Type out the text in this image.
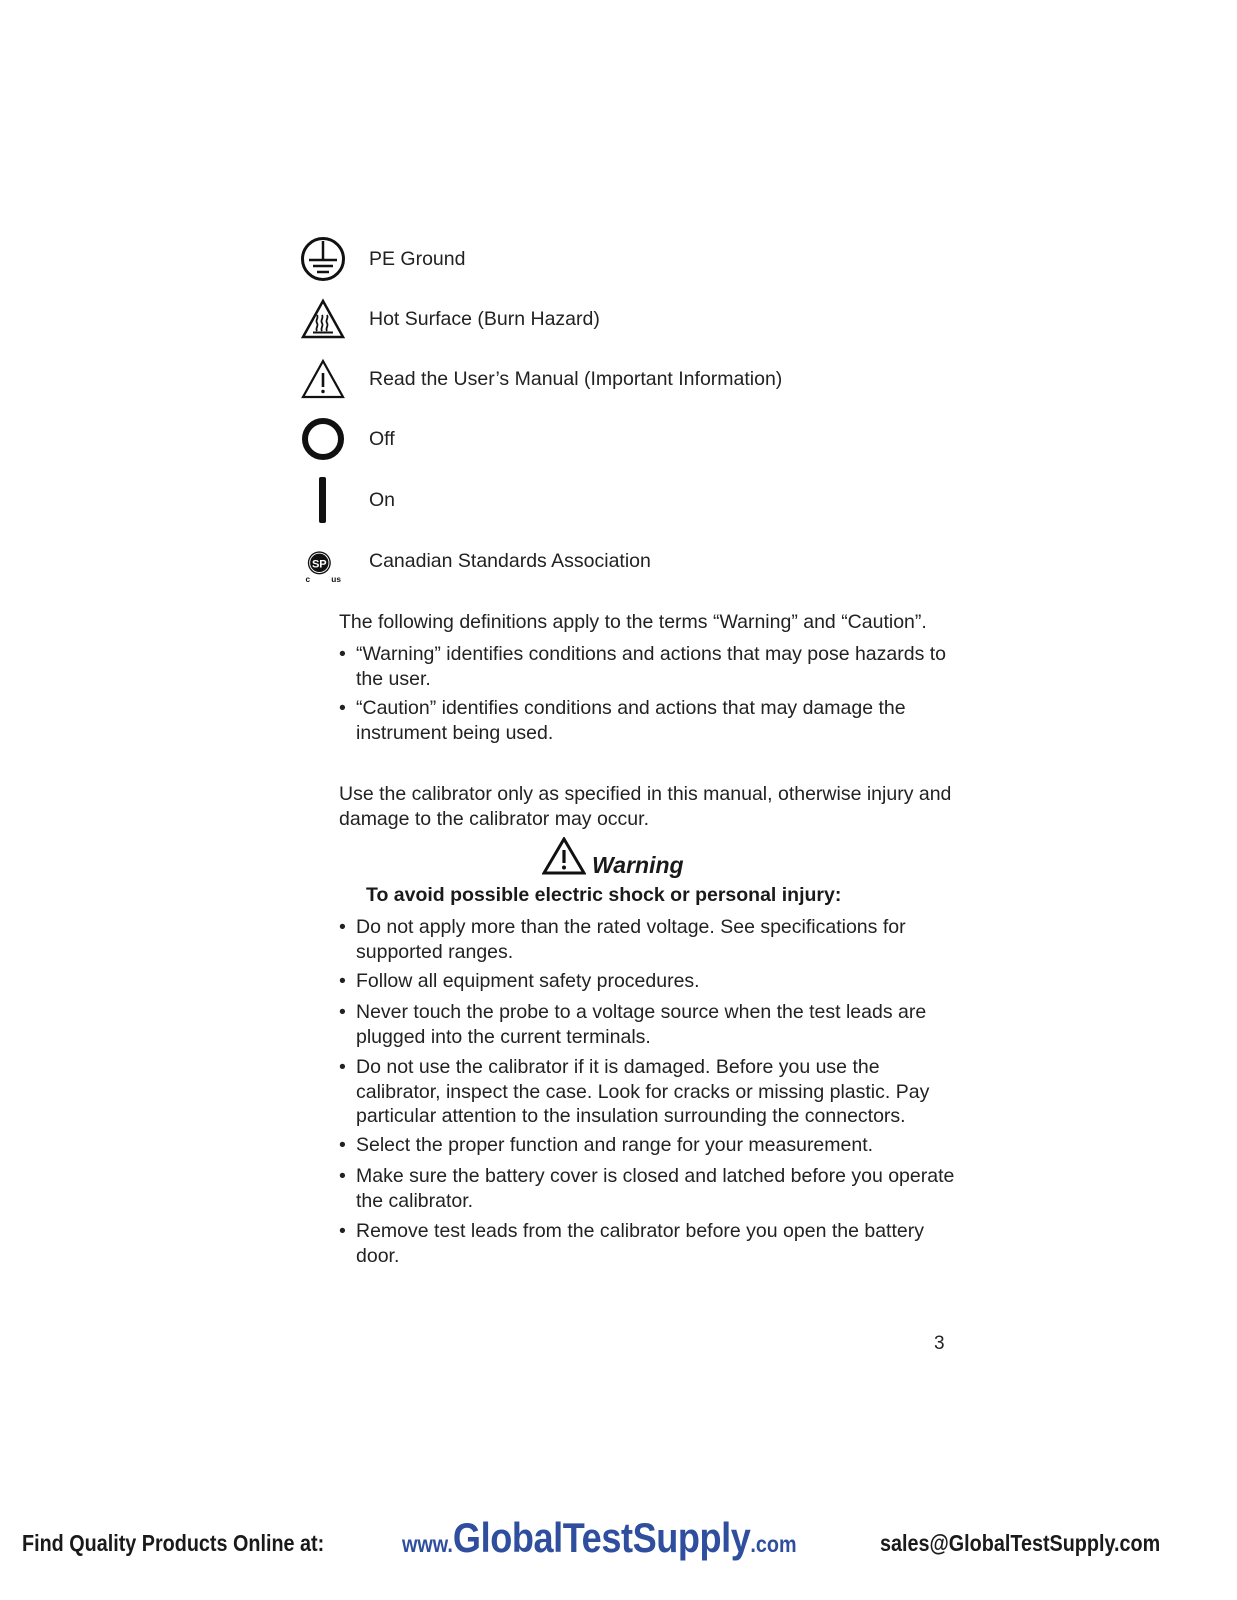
PE Ground
Hot Surface (Burn Hazard)
Read the User’s Manual (Important Information)
Off
On
SP
c us
Canadian Standards Association

The following definitions apply to the terms “Warning” and “Caution”.

• “Warning” identifies conditions and actions that may pose hazards to the user.
• “Caution” identifies conditions and actions that may damage the instrument being used.

Use the calibrator only as specified in this manual, otherwise injury and damage to the calibrator may occur.

Warning
To avoid possible electric shock or personal injury:
• Do not apply more than the rated voltage. See specifications for supported ranges.
• Follow all equipment safety procedures.
• Never touch the probe to a voltage source when the test leads are plugged into the current terminals.
• Do not use the calibrator if it is damaged. Before you use the calibrator, inspect the case. Look for cracks or missing plastic. Pay particular attention to the insulation surrounding the connectors.
• Select the proper function and range for your measurement.
• Make sure the battery cover is closed and latched before you operate the calibrator.
• Remove test leads from the calibrator before you open the battery door.
3
Find Quality Products Online at:	www.GlobalTestSupply.com	sales@GlobalTestSupply.com
